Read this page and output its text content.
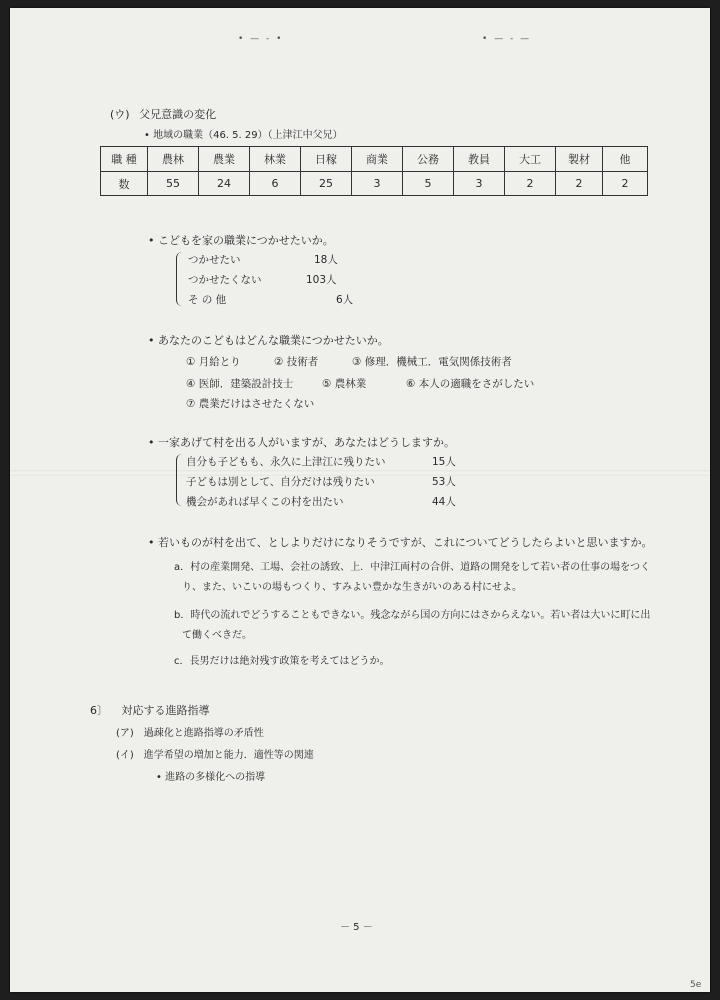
• — - •	• — - —
(ウ) 父兄意識の変化
• 地域の職業（46. 5. 29）（上津江中父兄）
職 種	農林	農業	林業	日稼	商業	公務	教員	大工	製材	他
数	55	24	6	25	3	5	3	2	2	2
• こどもを家の職業につかせたいか。
つかせたい	18人
つかせたくない	103人
そ の 他	6人
• あなたのこどもはどんな職業につかせたいか。
① 月給とり	② 技術者	③ 修理．機械工．電気関係技術者
④ 医師．建築設計技士	⑤ 農林業	⑥ 本人の適職をさがしたい
⑦ 農業だけはさせたくない
• 一家あげて村を出る人がいますが、あなたはどうしますか。
自分も子どもも、永久に上津江に残りたい	15人
子どもは別として、自分だけは残りたい	53人
機会があれば早くこの村を出たい	44人
• 若いものが村を出て、としよりだけになりそうですが、これについてどうしたらよいと思いますか。
a．村の産業開発、工場、会社の誘致、上．中津江両村の合併、道路の開発をして若い者の仕事の場をつく
り、また、いこいの場もつくり、すみよい豊かな生きがいのある村にせよ。
b．時代の流れでどうすることもできない。残念ながら国の方向にはさからえない。若い者は大いに町に出
て働くべきだ。
c．長男だけは絶対残す政策を考えてはどうか。
6〕 対応する進路指導
(ア)　過疎化と進路指導の矛盾性
(イ)　進学希望の増加と能力．適性等の関連
• 進路の多様化への指導
－ 5 －
5e
